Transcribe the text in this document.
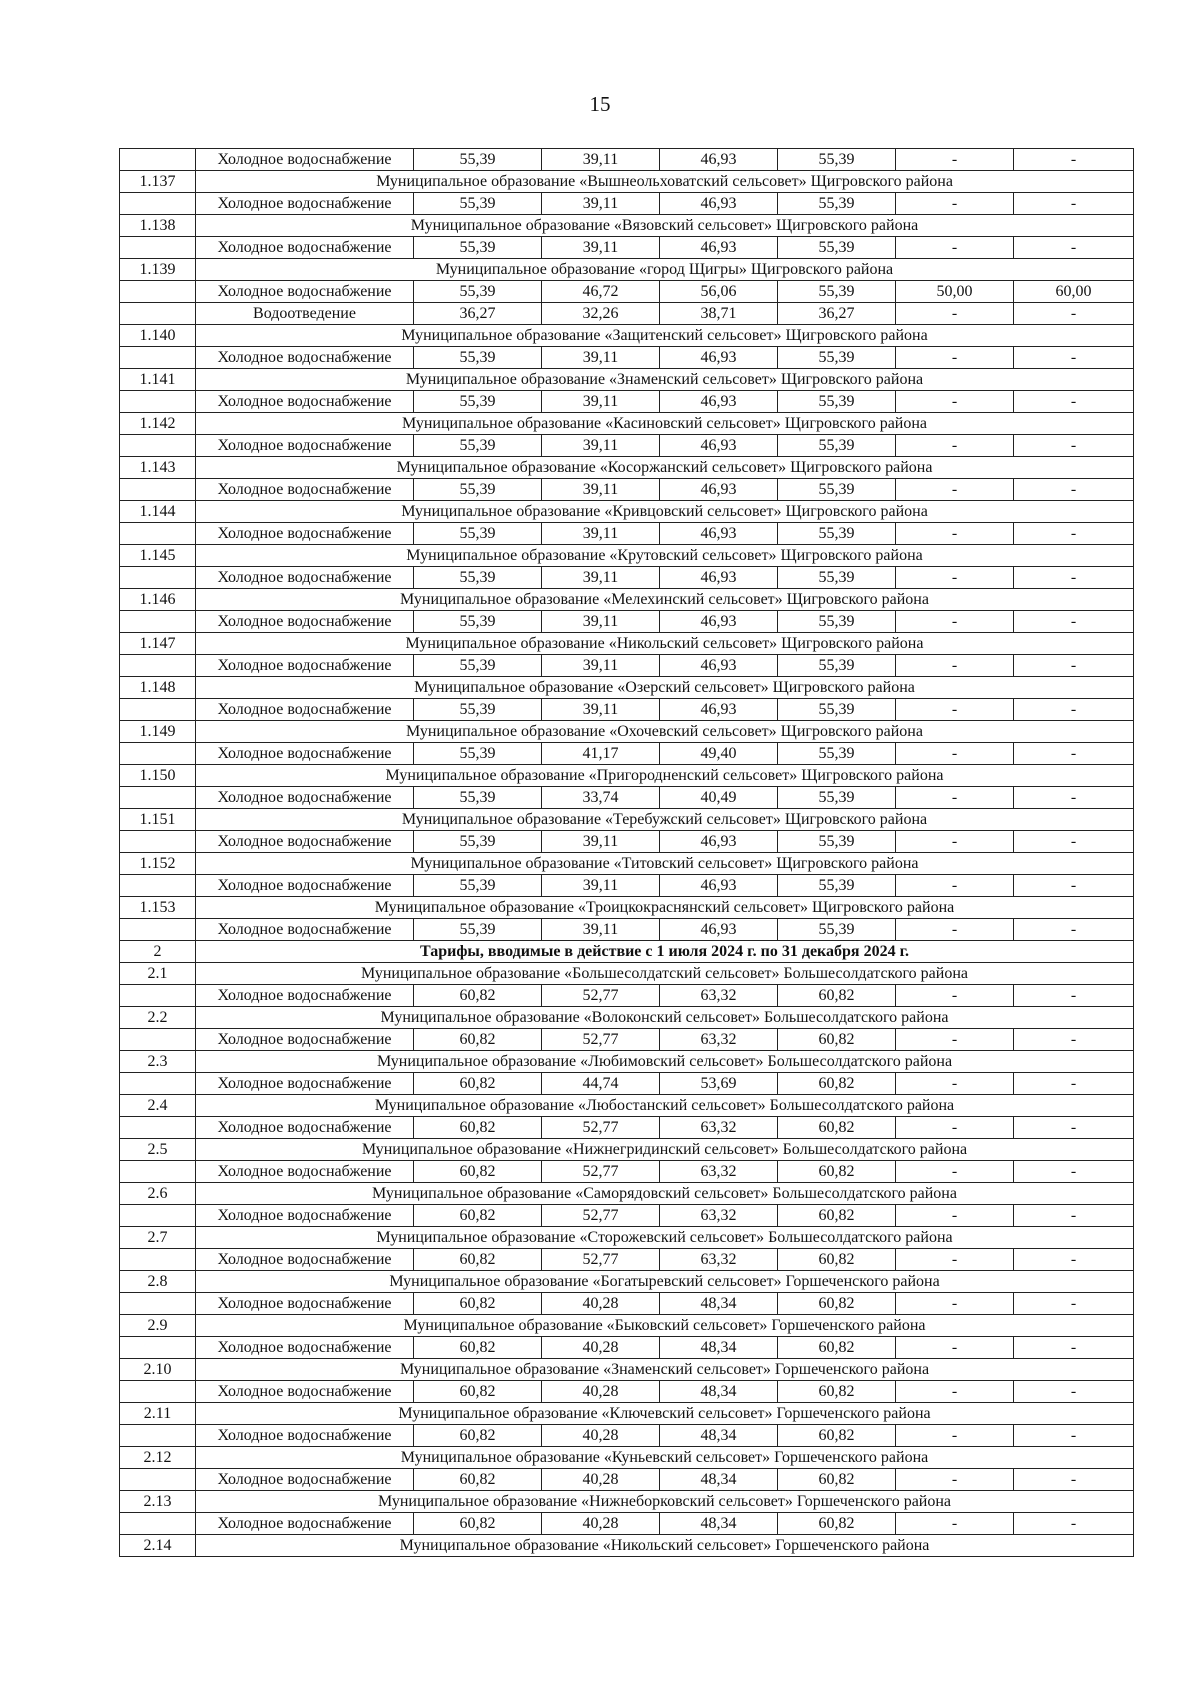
15
	Холодное водоснабжение	55,39	39,11	46,93	55,39	-	-
1.137	Муниципальное образование «Вышнеольховатский сельсовет» Щигровского района						
	Холодное водоснабжение	55,39	39,11	46,93	55,39	-	-
1.138	Муниципальное образование «Вязовский сельсовет» Щигровского района						
	Холодное водоснабжение	55,39	39,11	46,93	55,39	-	-
1.139	Муниципальное образование «город Щигры» Щигровского района						
	Холодное водоснабжение	55,39	46,72	56,06	55,39	50,00	60,00
	Водоотведение	36,27	32,26	38,71	36,27	-	-
1.140	Муниципальное образование «Защитенский сельсовет» Щигровского района						
	Холодное водоснабжение	55,39	39,11	46,93	55,39	-	-
1.141	Муниципальное образование «Знаменский сельсовет» Щигровского района						
	Холодное водоснабжение	55,39	39,11	46,93	55,39	-	-
1.142	Муниципальное образование «Касиновский сельсовет» Щигровского района						
	Холодное водоснабжение	55,39	39,11	46,93	55,39	-	-
1.143	Муниципальное образование «Косоржанский сельсовет» Щигровского района						
	Холодное водоснабжение	55,39	39,11	46,93	55,39	-	-
1.144	Муниципальное образование «Кривцовский сельсовет» Щигровского района						
	Холодное водоснабжение	55,39	39,11	46,93	55,39	-	-
1.145	Муниципальное образование «Крутовский сельсовет» Щигровского района						
	Холодное водоснабжение	55,39	39,11	46,93	55,39	-	-
1.146	Муниципальное образование «Мелехинский сельсовет» Щигровского района						
	Холодное водоснабжение	55,39	39,11	46,93	55,39	-	-
1.147	Муниципальное образование «Никольский сельсовет» Щигровского района						
	Холодное водоснабжение	55,39	39,11	46,93	55,39	-	-
1.148	Муниципальное образование «Озерский сельсовет» Щигровского района						
	Холодное водоснабжение	55,39	39,11	46,93	55,39	-	-
1.149	Муниципальное образование «Охочевский сельсовет» Щигровского района						
	Холодное водоснабжение	55,39	41,17	49,40	55,39	-	-
1.150	Муниципальное образование «Пригородненский сельсовет» Щигровского района						
	Холодное водоснабжение	55,39	33,74	40,49	55,39	-	-
1.151	Муниципальное образование «Теребужский сельсовет» Щигровского района						
	Холодное водоснабжение	55,39	39,11	46,93	55,39	-	-
1.152	Муниципальное образование «Титовский сельсовет» Щигровского района						
	Холодное водоснабжение	55,39	39,11	46,93	55,39	-	-
1.153	Муниципальное образование «Троицкокраснянский сельсовет» Щигровского района						
	Холодное водоснабжение	55,39	39,11	46,93	55,39	-	-
2	Тарифы, вводимые в действие с 1 июля 2024 г. по 31 декабря 2024 г.						
2.1	Муниципальное образование «Большесолдатский сельсовет» Большесолдатского района						
	Холодное водоснабжение	60,82	52,77	63,32	60,82	-	-
2.2	Муниципальное образование «Волоконский сельсовет» Большесолдатского района						
	Холодное водоснабжение	60,82	52,77	63,32	60,82	-	-
2.3	Муниципальное образование «Любимовский сельсовет» Большесолдатского района						
	Холодное водоснабжение	60,82	44,74	53,69	60,82	-	-
2.4	Муниципальное образование «Любостанский сельсовет» Большесолдатского района						
	Холодное водоснабжение	60,82	52,77	63,32	60,82	-	-
2.5	Муниципальное образование «Нижнегридинский сельсовет» Большесолдатского района						
	Холодное водоснабжение	60,82	52,77	63,32	60,82	-	-
2.6	Муниципальное образование «Саморядовский сельсовет» Большесолдатского района						
	Холодное водоснабжение	60,82	52,77	63,32	60,82	-	-
2.7	Муниципальное образование «Сторожевский сельсовет» Большесолдатского района						
	Холодное водоснабжение	60,82	52,77	63,32	60,82	-	-
2.8	Муниципальное образование «Богатыревский сельсовет» Горшеченского района						
	Холодное водоснабжение	60,82	40,28	48,34	60,82	-	-
2.9	Муниципальное образование «Быковский сельсовет» Горшеченского района						
	Холодное водоснабжение	60,82	40,28	48,34	60,82	-	-
2.10	Муниципальное образование «Знаменский сельсовет» Горшеченского района						
	Холодное водоснабжение	60,82	40,28	48,34	60,82	-	-
2.11	Муниципальное образование «Ключевский сельсовет» Горшеченского района						
	Холодное водоснабжение	60,82	40,28	48,34	60,82	-	-
2.12	Муниципальное образование «Куньевский сельсовет» Горшеченского района						
	Холодное водоснабжение	60,82	40,28	48,34	60,82	-	-
2.13	Муниципальное образование «Нижнеборковский сельсовет» Горшеченского района						
	Холодное водоснабжение	60,82	40,28	48,34	60,82	-	-
2.14	Муниципальное образование «Никольский сельсовет» Горшеченского района						
